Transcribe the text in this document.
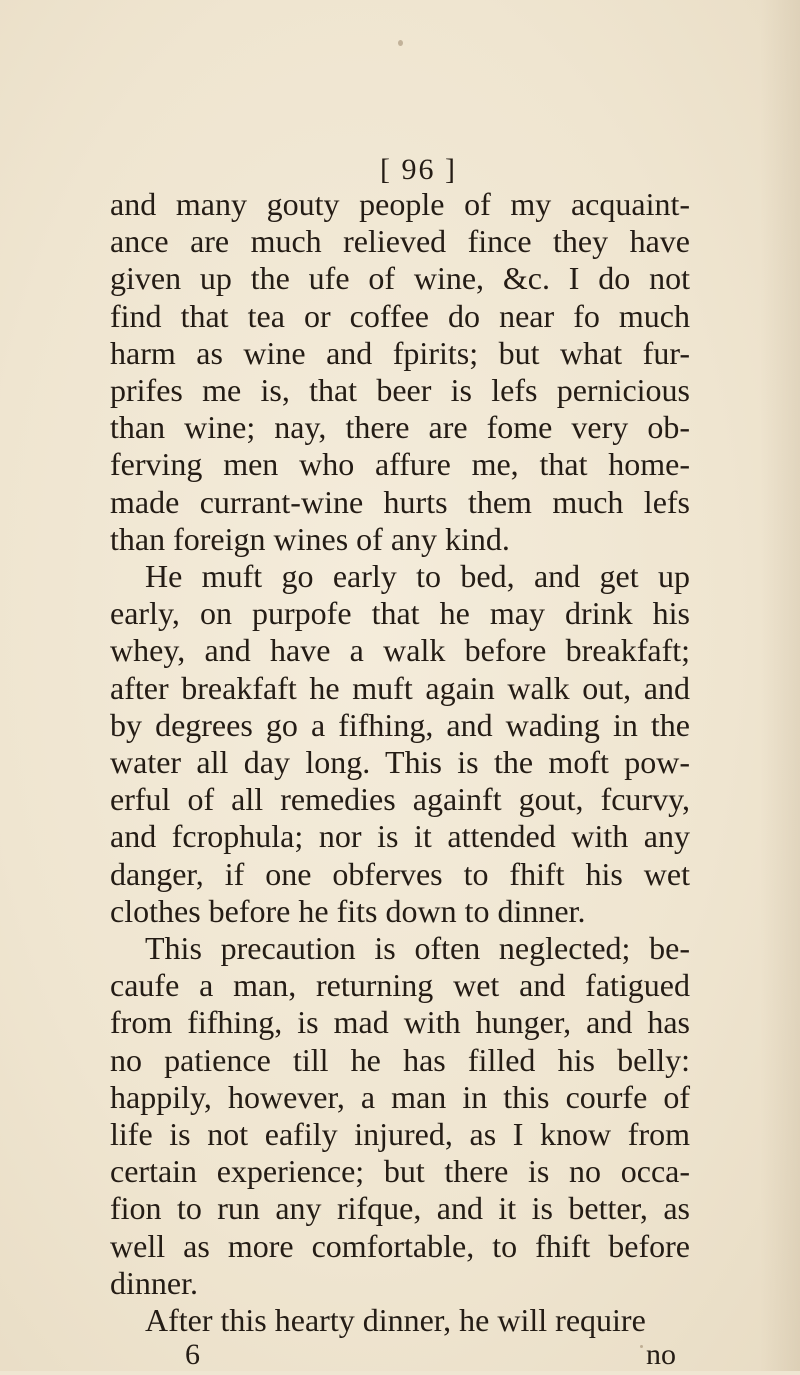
[ 96 ]
and many gouty people of my acquaint-
ance are much relieved fince they have
given up the ufe of wine, &c. I do not
find that tea or coffee do near fo much
harm as wine and fpirits; but what fur-
prifes me is, that beer is lefs pernicious
than wine; nay, there are fome very ob-
ferving men who affure me, that home-
made currant-wine hurts them much lefs
than foreign wines of any kind.
He muft go early to bed, and get up
early, on purpofe that he may drink his
whey, and have a walk before breakfaft;
after breakfaft he muft again walk out, and
by degrees go a fifhing, and wading in the
water all day long. This is the moft pow-
erful of all remedies againft gout, fcurvy,
and fcrophula; nor is it attended with any
danger, if one obferves to fhift his wet
clothes before he fits down to dinner.
This precaution is often neglected; be-
caufe a man, returning wet and fatigued
from fifhing, is mad with hunger, and has
no patience till he has filled his belly:
happily, however, a man in this courfe of
life is not eafily injured, as I know from
certain experience; but there is no occa-
fion to run any rifque, and it is better, as
well as more comfortable, to fhift before
dinner.
6	no
After this hearty dinner, he will require
